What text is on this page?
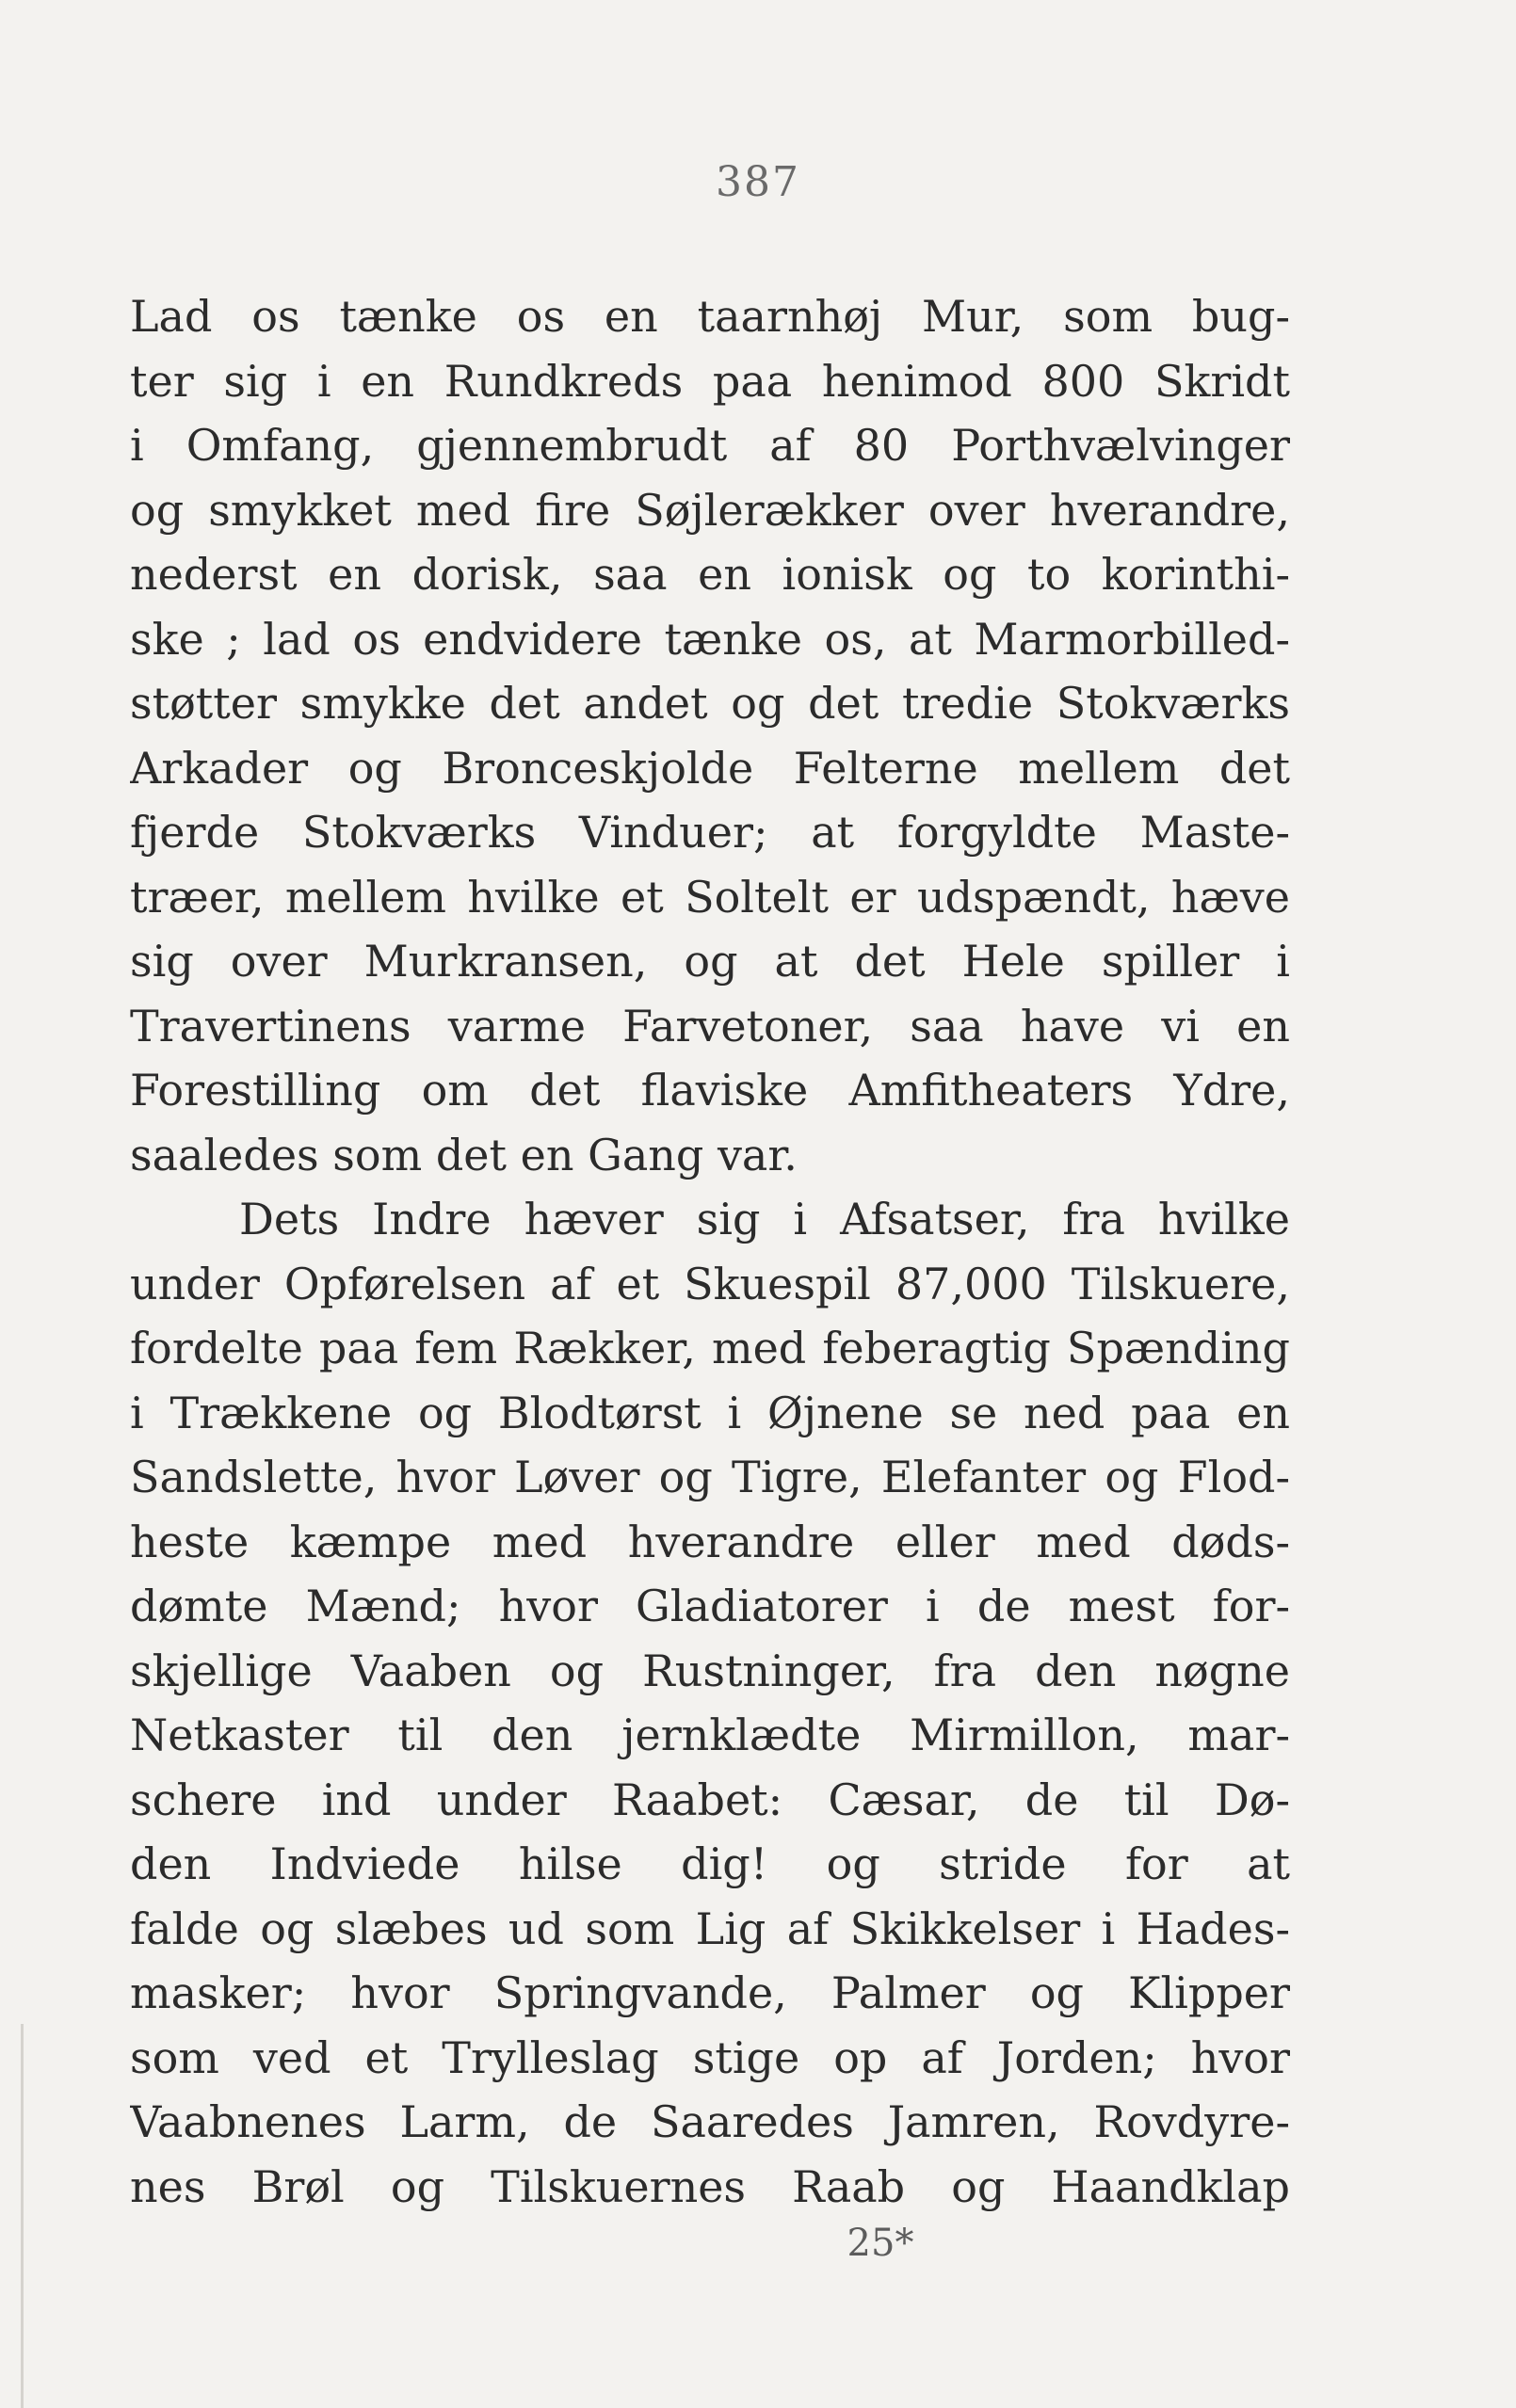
387
Lad os tænke os en taarnhøj Mur, som bug-
ter sig i en Rundkreds paa henimod 800 Skridt
i Omfang, gjennembrudt af 80 Porthvælvinger
og smykket med fire Søjlerækker over hverandre,
nederst en dorisk, saa en ionisk og to korinthi-
ske ; lad os endvidere tænke os, at Marmorbilled-
støtter smykke det andet og det tredie Stokværks
Arkader og Bronceskjolde Felterne mellem det
fjerde Stokværks Vinduer; at forgyldte Maste-
træer, mellem hvilke et Soltelt er udspændt, hæve
sig over Murkransen, og at det Hele spiller i
Travertinens varme Farvetoner, saa have vi en
Forestilling om det flaviske Amfitheaters Ydre,
saaledes som det en Gang var.
Dets Indre hæver sig i Afsatser, fra hvilke
under Opførelsen af et Skuespil 87,000 Tilskuere,
fordelte paa fem Rækker, med feberagtig Spænding
i Trækkene og Blodtørst i Øjnene se ned paa en
Sandslette, hvor Løver og Tigre, Elefanter og Flod-
heste kæmpe med hverandre eller med døds-
dømte Mænd; hvor Gladiatorer i de mest for-
skjellige Vaaben og Rustninger, fra den nøgne
Netkaster til den jernklædte Mirmillon, mar-
schere ind under Raabet: Cæsar, de til Dø-
den Indviede hilse dig! og stride for at
falde og slæbes ud som Lig af Skikkelser i Hades-
masker; hvor Springvande, Palmer og Klipper
som ved et Trylleslag stige op af Jorden; hvor
Vaabnenes Larm, de Saaredes Jamren, Rovdyre-
nes Brøl og Tilskuernes Raab og Haandklap
25*
